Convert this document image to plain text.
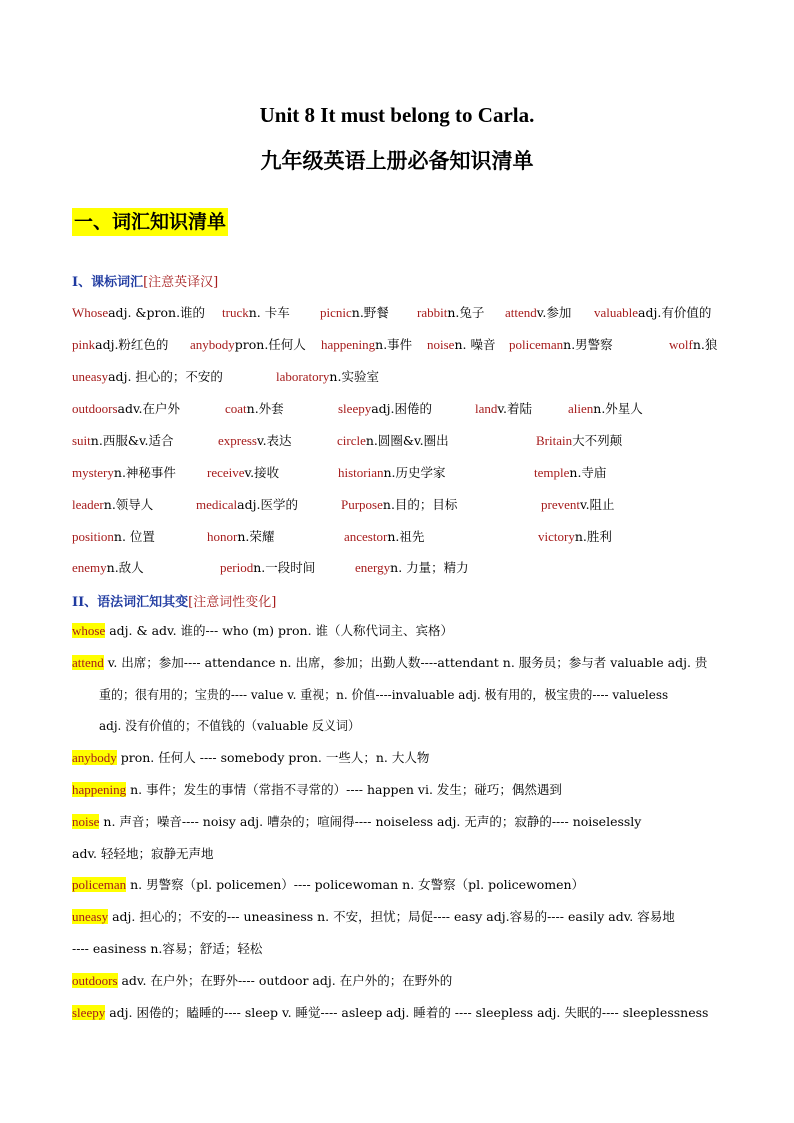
Unit 8 It must belong to Carla.
九年级英语上册必备知识清单
一、词汇知识清单
I、课标词汇[注意英译汉]
Whoseadj. &pron.谁的 truckn. 卡车 picnicn.野餐 rabbitn.兔子 attendv.参加 valuableadj.有价值的
pinkadj.粉红色的 anybodypron.任何人 happeningn.事件 noisen. 噪音 policemann.男警察	wolfn.狼
uneasyadj. 担心的；不安的	laboratoryn.实验室
outdoorsadv.在户外	coatn.外套	sleepyadj.困倦的	landv.着陆	alienn.外星人
suitn.西服&v.适合	expressv.表达	circlen.圆圈&v.圈出	Britain大不列颠
mysteryn.神秘事件 receivev.接收	historiann.历史学家	templen.寺庙
leadern.领导人	medicaladj.医学的	Purposen.目的；目标	preventv.阻止
positionn. 位置	honorn.荣耀	ancestorn.祖先	victoryn.胜利
enemyn.敌人	periodn.一段时间	energyn. 力量；精力
II、语法词汇知其变[注意词性变化]
whose adj. & adv. 谁的--- who (m) pron. 谁（人称代词主、宾格）
attend v. 出席；参加---- attendance n. 出席，参加；出勤人数----attendant n. 服务员；参与者 valuable adj. 贵
重的；很有用的；宝贵的---- value v. 重视；n. 价值----invaluable adj. 极有用的，极宝贵的---- valueless
adj. 没有价值的；不值钱的（valuable 反义词）
anybody pron. 任何人 ---- somebody pron. 一些人；n. 大人物
happening n. 事件；发生的事情（常指不寻常的）---- happen vi. 发生；碰巧；偶然遇到
noise n. 声音；噪音---- noisy adj. 嘈杂的；喧闹得---- noiseless adj. 无声的；寂静的---- noiselessly
adv. 轻轻地；寂静无声地
policeman n. 男警察（pl. policemen）---- policewoman n. 女警察（pl. policewomen）
uneasy adj. 担心的；不安的--- uneasiness n. 不安，担忧；局促---- easy adj.容易的---- easily adv. 容易地
---- easiness n.容易；舒适；轻松
outdoors adv. 在户外；在野外---- outdoor adj. 在户外的；在野外的
sleepy adj. 困倦的；瞌睡的---- sleep v. 睡觉---- asleep adj. 睡着的 ---- sleepless adj. 失眠的---- sleeplessness
